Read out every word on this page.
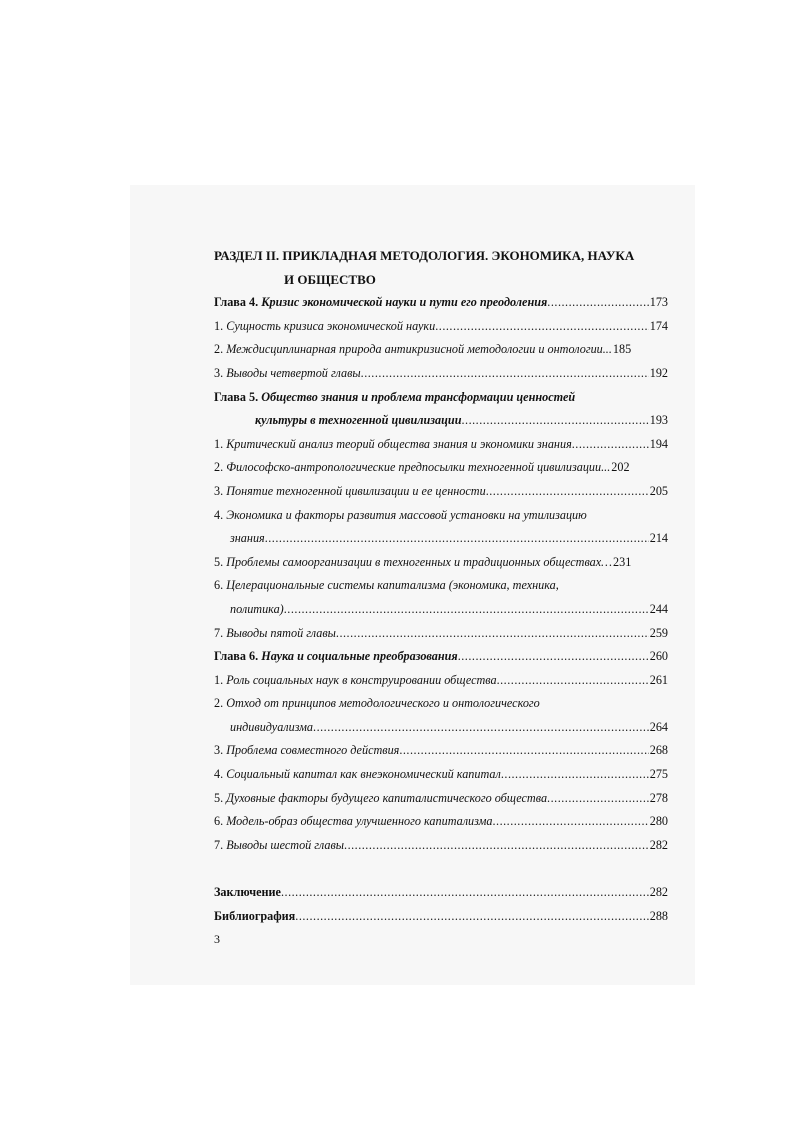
РАЗДЕЛ II. ПРИКЛАДНАЯ МЕТОДОЛОГИЯ. ЭКОНОМИКА, НАУКА
И ОБЩЕСТВО
Глава 4. Кризис экономической науки и пути его преодоления .....	173
1. Сущность кризиса экономической науки .....	174
2. Междисциплинарная природа антикризисной методологии и онтологии... 185
3. Выводы четвертой главы .....	192
Глава 5. Общество знания и проблема трансформации ценностей
культуры в техногенной цивилизации .....	193
1. Критический анализ теорий общества знания и экономики знания .....	194
2. Философско-антропологические предпосылки техногенной цивилизации... 202
3. Понятие техногенной цивилизации и ее ценности .....	205
4. Экономика и факторы развития массовой установки на утилизацию
знания .....	214
5. Проблемы самоорганизации в техногенных и традиционных обществах… 231
6. Целерациональные системы капитализма (экономика, техника,
политика) .....	244
7. Выводы пятой главы .....	259
Глава 6. Наука и социальные преобразования .....	260
1. Роль социальных наук в конструировании общества .....	261
2. Отход от принципов методологического и онтологического
индивидуализма .....	264
3. Проблема совместного действия .....	268
4. Социальный капитал как внеэкономический капитал .....	275
5. Духовные факторы будущего капиталистического общества .....	278
6. Модель-образ общества улучшенного капитализма .....	280
7. Выводы шестой главы .....	282
Заключение .....	282
Библиография .....	288
3
